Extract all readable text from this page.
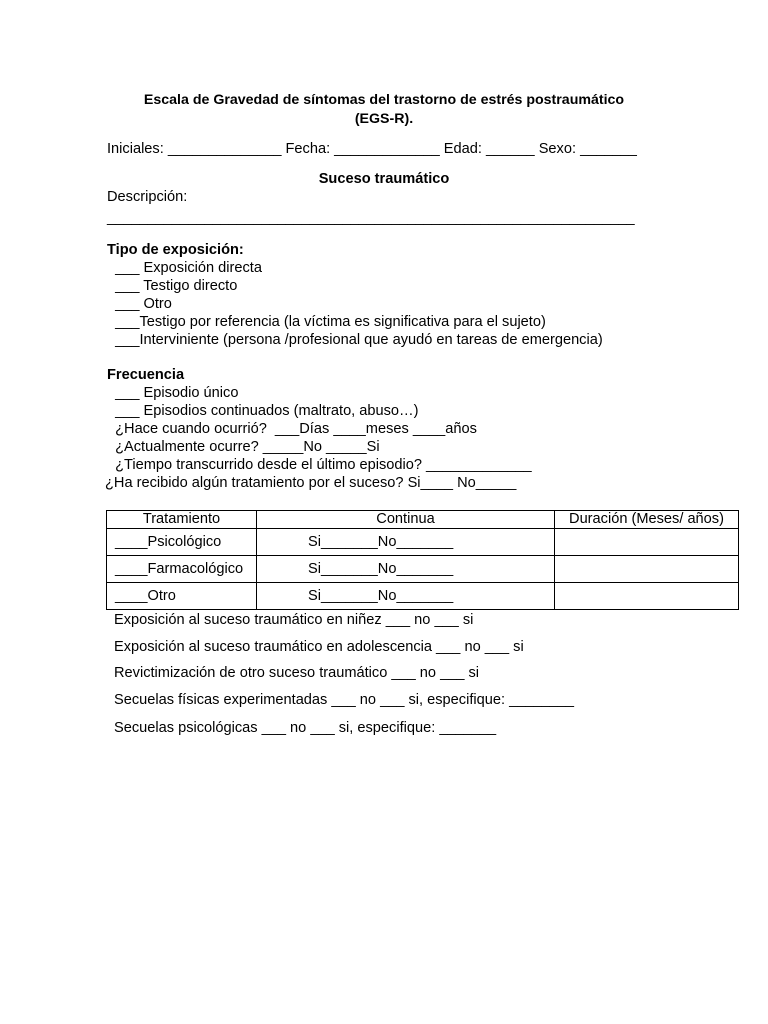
Escala de Gravedad de síntomas del trastorno de estrés postraumático
(EGS-R).
Iniciales: ______________ Fecha: _____________ Edad: ______ Sexo: _______
Suceso traumático
Descripción:
_________________________________________________________________
Tipo de exposición:
___ Exposición directa
___ Testigo directo
___ Otro
___Testigo por referencia (la víctima es significativa para el sujeto)
___Interviniente (persona /profesional que ayudó en tareas de emergencia)
Frecuencia
___ Episodio único
___ Episodios continuados (maltrato, abuso…)
¿Hace cuando ocurrió?  ___Días ____meses ____años
¿Actualmente ocurre? _____No _____Si
¿Tiempo transcurrido desde el último episodio? _____________
¿Ha recibido algún tratamiento por el suceso? Si____ No_____
Tratamiento	Continua	Duración (Meses/ años)
____Psicológico	Si_______No_______	
____Farmacológico	Si_______No_______	
____Otro	Si_______No_______	
Exposición al suceso traumático en niñez ___ no ___ si
Exposición al suceso traumático en adolescencia ___ no ___ si
Revictimización de otro suceso traumático ___ no ___ si
Secuelas físicas experimentadas ___ no ___ si, especifique: ________
Secuelas psicológicas ___ no ___ si, especifique: _______
